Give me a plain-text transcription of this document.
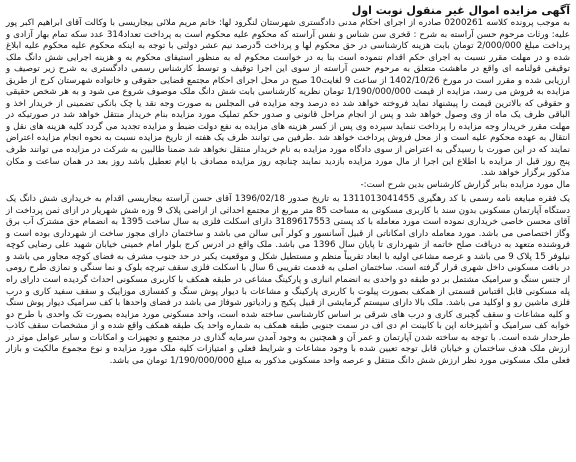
آگهی مزایده اموال غیر منقول نوبت اول

به موجب پرونده کلاسه 0200261 صادره از اجرای احکام مدنی دادگستری شهرستان لنگرود لها: خانم مریم ملائی بیجاریسی با وکالت آقای ابراهیم اکبر پور علیه: ورثات مرحوم حسن آراسته به شرح : قخری سن شناس و نفس آراسته که محکوم علیه محکوم است به پرداخت تعداد314 عدد سکه تمام بهار آزادی و پرداخت مبلغ 2/000/000 تومان بابت هزینه کارشناسی در حق محکوم لها و پرداخت 5درصد نیم عشر دولتی با توجه به اینکه محکوم علیه محکوم علیه ابلاغ شده و در مهلت مقرر نسبت به اجرای حکم اقدام ننموده است بنا به در خواست محکوم له به منظور استیفای محکوم به و هزینه اجرایی شش دانگ ملک توقیفی قولنامه ای واقع در ماهشت متعلق به مرحوم حسن آراسته از سوی این اجرا توقیف و توسط کارشناس رسمی دادگستری به شرح زیر توصیف و ارزیابی شده و مقرر است در مورخ 1402/10/26 از ساعت 9 لغایت10 صبح در محل اجرای احکام مجتمع قضایی حقوقی و خانواده شهرستان کرج از طریق مزایده به فروش می رسد، مزایده از قیمت 1/190/000/000 تومان نظریه کارشناسی بابت شش دانگ ملک موصوف شروع می شود و به هر شخص حقیقی و حقوقی که بالاترین قیمت را پیشنهاد نماید فروخته خواهد شد ده درصد وجه مزایده فی المجلس به صورت وجه نقد یا چک بانکی تضمینی از خریدار اخذ و الباقی ظرف یک ماه از وی وصول خواهد شد و پس از انجام مراحل قانونی و صدور حکم تملیک مورد مزایده بنام خریدار منتقل خواهد شد در صورتیکه در مهلت مقرر خریدار وجه مزایده را پرداخت ننماید سپرده وی پس از کسر هزینه های مزایده به نفع دولت ضبط و مزایده تجدید می گردد کلیه هزینه های نقل و انتقال به عهده محکوم علیه است و از محل فروش پرداخت خواهد شد .طرفین می توانند ظرف یک هفته از تاریخ مزایده نسبت به نحوه انجام مزایده اعتراض نمایند که در این صورت با رسیدگی به اعتراض از سوی دادگاه مورد مزایده به نام خریدار منتقل نخواهد شد ضمنا طالبین به شرکت در مزایده می توانند ظرف پنج روز قبل از مزایده با اطلاع این اجرا از مال مورد مزایده بازدید نمایند چنانچه روز مزایده مصادف با ایام تعطیل باشد روز بعد در همان ساعت و مکان مذکور برگزار خواهد شد.

مال مورد مزایده بنابر گزارش کارشناس بدین شرح است:-

یک فقره مبایعه نامه رسمی با کد رهگیری 1311013041455 به تاریخ صدور 1396/02/18 آقای حسن آراسته بیجاریسی اقدام به خریداری شش دانگ یک دستگاه آپارتمان مسکونی بدون سند با کاربری مسکونی به مساحت 85 متر مربع از مجتمع احداثی از اراضی پلاک 9 وزه شش شهریار در ازای ثمن پرداخت از آقای محسن خاصی خریداری نموده است مورد معامله با کد پستی 3189617553 دارای اسکلت فلزی به سال ساخت 1395 به انضمام حق مشترک آب برق وگاز اختصاصی می باشد. مورد معامله دارای امکاناتی از قبیل آسانسور و کولر آبی سالن می باشد و ساختمان دارای مجوز ساخت از شهرداری بوده است و فروشنده متعهد به دریافت صلح خاتمه از شهرداری تا پایان سال 1396 می باشد. ملک واقع در ادرس کرج بلوار امام خمینی خیابان شهید علی رضایی کوچه نیلوفر 15 پلاک 9 می باشد و عرصه مشاعی اولیه با ابعاد تقریباً منظم و مستطیل شکل و موقعیت یکبر در حد جنوب مشرف به فضای کوچه مجاور می باشد و در بافت مسکونی داخل شهری قرار گرفته است. ساختمان اصلی به قدمت تقریبی 6 سال با اسکلت فلزی سقف تیرچه بلوک و نما سنگی و نمازی طرح رومی از جنس سنگ و سرامیک مشتمل بر دو طبقه دو واحدی به انضمام انباری و پارکینگ مشاعی در طبقه همکف با کاربری مسکونی احداث گردیده است دارای راه پله مسکونی قابل اقتباس قسمتی از همکف بصورت پیلوت با کاربری پارکینگ و مشاعات با دیوار پوش سنگ و کفسازی موزاییک و سقف سفید کاری و درب فلزی ماشین رو و اوکلید می باشد. ملک بالا دارای سیستم گرمایشی از قبیل پکیج و رادیاتور شوفاژ می باشد در فضای واحدها با کف سرامیک دیوار پوش سنگ و کلیه مشاعات و سقف گچبری کاری و درب های شرقی بر اساس کارشناسی ساخته شده است، واحد مسکونی مورد مزایده بصورت تک واحدی با طرح دو خوابه کف سرامیک و آشپزخانه اپن با کابینت ام دی اف در سمت جنوبی طبقه همکف به شماره واحد یک طبقه همکف واقع شده و از مشخصات سقف کاذب طرحدار شده است. با توجه به ساخته شدن آپارتمان و عمر آن و همچنین به وجود آمدن سرمایه گذاری در مجتمع و تجهیزات و امکانات و سایر عوامل موثر در ارزش ملک هدف ساختمان و خیابان قابل توجه تعیین شده با وجود مشاعات و شرایط فعلی و امتیازات کلیه ملک مورد مزایده و نوع مجموع مالکیت و بازار فعلی ملک مسکونی مورد نظر ارزش شش دانگ منتقل و عرصه واحد مسکونی مذکور به مبلغ 1/190/000/000 تومان می باشد.
